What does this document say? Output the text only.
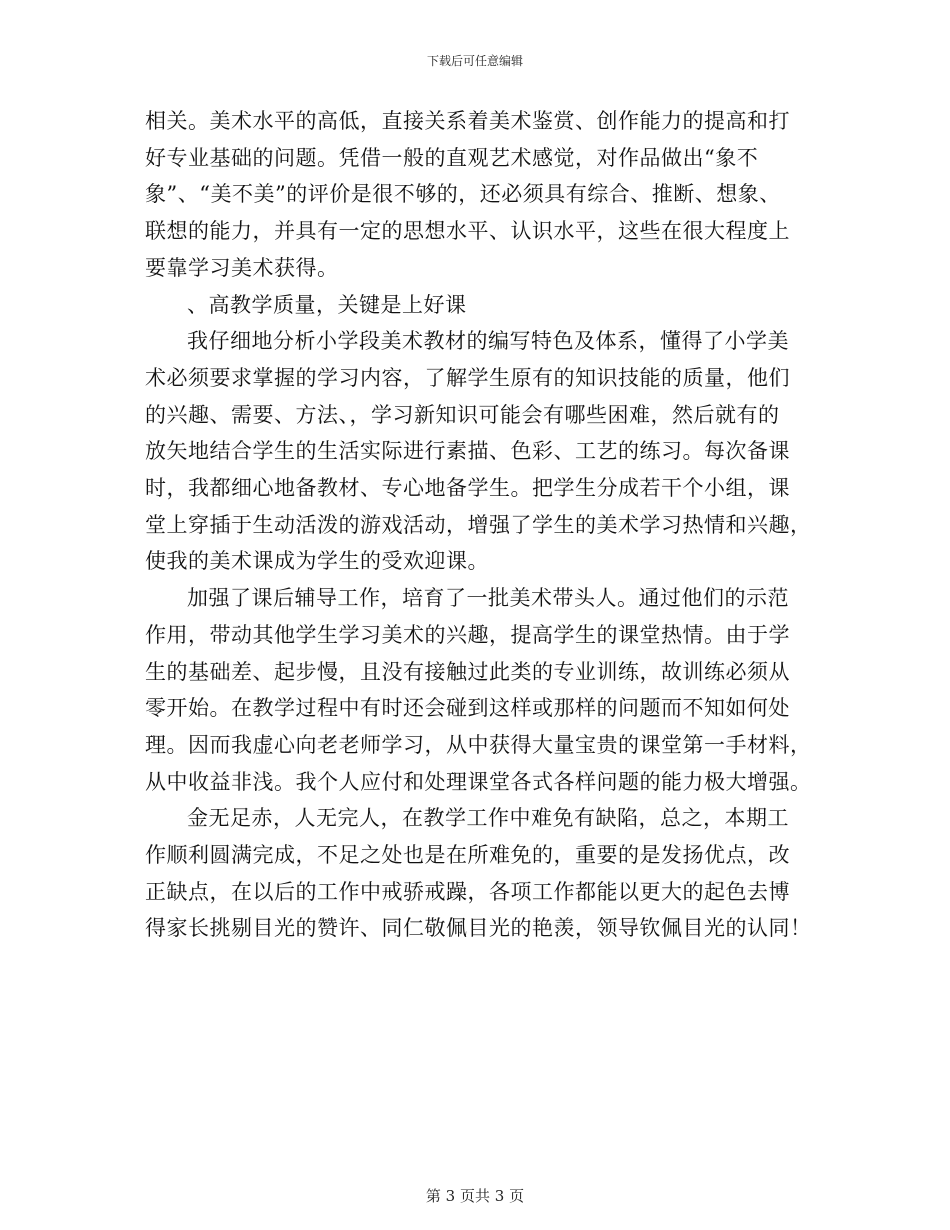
下载后可任意编辑
相关。美术水平的高低，直接关系着美术鉴赏、创作能力的提高和打
好专业基础的问题。凭借一般的直观艺术感觉，对作品做出“象不
象”、“美不美”的评价是很不够的，还必须具有综合、推断、想象、
联想的能力，并具有一定的思想水平、认识水平，这些在很大程度上
要靠学习美术获得。
、高教学质量，关键是上好课
我仔细地分析小学段美术教材的编写特色及体系，懂得了小学美
术必须要求掌握的学习内容，了解学生原有的知识技能的质量，他们
的兴趣、需要、方法、，学习新知识可能会有哪些困难，然后就有的
放矢地结合学生的生活实际进行素描、色彩、工艺的练习。每次备课
时，我都细心地备教材、专心地备学生。把学生分成若干个小组，课
堂上穿插于生动活泼的游戏活动，增强了学生的美术学习热情和兴趣，
使我的美术课成为学生的受欢迎课。
加强了课后辅导工作，培育了一批美术带头人。通过他们的示范
作用，带动其他学生学习美术的兴趣，提高学生的课堂热情。由于学
生的基础差、起步慢，且没有接触过此类的专业训练，故训练必须从
零开始。在教学过程中有时还会碰到这样或那样的问题而不知如何处
理。因而我虚心向老老师学习，从中获得大量宝贵的课堂第一手材料，
从中收益非浅。我个人应付和处理课堂各式各样问题的能力极大增强。
金无足赤，人无完人，在教学工作中难免有缺陷，总之，本期工
作顺利圆满完成，不足之处也是在所难免的，重要的是发扬优点，改
正缺点，在以后的工作中戒骄戒躁，各项工作都能以更大的起色去博
得家长挑剔目光的赞许、同仁敬佩目光的艳羡，领导钦佩目光的认同！
第 3 页共 3 页
